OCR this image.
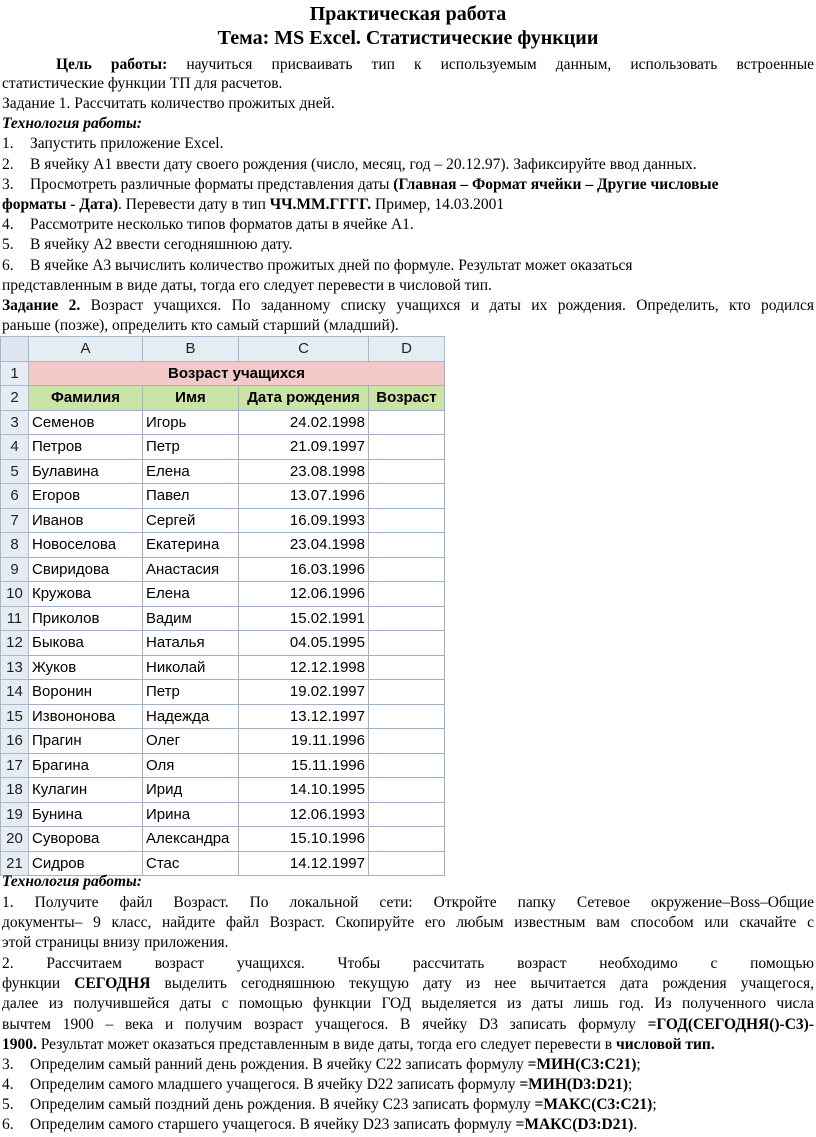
Практическая работа
Тема: MS Excel. Статистические функции
Цель работы: научиться присваивать тип к используемым данным, использовать встроенные
статистические функции ТП для расчетов.
Задание 1. Рассчитать количество прожитых дней.
Технология работы:
1. Запустить приложение Excel.
2. В ячейку А1 ввести дату своего рождения (число, месяц, год – 20.12.97). Зафиксируйте ввод данных.
3. Просмотреть различные форматы представления даты (Главная – Формат ячейки – Другие числовые
форматы - Дата). Перевести дату в тип ЧЧ.ММ.ГГГГ. Пример, 14.03.2001
4. Рассмотрите несколько типов форматов даты в ячейке А1.
5. В ячейку А2 ввести сегодняшнюю дату.
6. В ячейке А3 вычислить количество прожитых дней по формуле. Результат может оказаться
представленным в виде даты, тогда его следует перевести в числовой тип.
Задание 2. Возраст учащихся. По заданному списку учащихся и даты их рождения. Определить, кто родился
раньше (позже), определить кто самый старший (младший).
	A	B	C	D
1	Возраст учащихся			
2	Фамилия	Имя	Дата рождения	Возраст
3	Семенов	Игорь	24.02.1998	
4	Петров	Петр	21.09.1997	
5	Булавина	Елена	23.08.1998	
6	Егоров	Павел	13.07.1996	
7	Иванов	Сергей	16.09.1993	
8	Новоселова	Екатерина	23.04.1998	
9	Свиридова	Анастасия	16.03.1996	
10	Кружова	Елена	12.06.1996	
11	Приколов	Вадим	15.02.1991	
12	Быкова	Наталья	04.05.1995	
13	Жуков	Николай	12.12.1998	
14	Воронин	Петр	19.02.1997	
15	Извононова	Надежда	13.12.1997	
16	Прагин	Олег	19.11.1996	
17	Брагина	Оля	15.11.1996	
18	Кулагин	Ирид	14.10.1995	
19	Бунина	Ирина	12.06.1993	
20	Суворова	Александра	15.10.1996	
21	Сидров	Стас	14.12.1997	
Технология работы:
1. Получите файл Возраст. По локальной сети: Откройте папку Сетевое окружение–Boss–Общие
документы– 9 класс, найдите файл Возраст. Скопируйте его любым известным вам способом или скачайте с
этой страницы внизу приложения.
2. Рассчитаем возраст учащихся. Чтобы рассчитать возраст необходимо с помощью
функции СЕГОДНЯ выделить сегодняшнюю текущую дату из нее вычитается дата рождения учащегося,
далее из получившейся даты с помощью функции ГОД выделяется из даты лишь год. Из полученного числа
вычтем 1900 – века и получим возраст учащегося. В ячейку D3 записать формулу =ГОД(СЕГОДНЯ()-С3)-
1900. Результат может оказаться представленным в виде даты, тогда его следует перевести в числовой тип.
3. Определим самый ранний день рождения. В ячейку С22 записать формулу =МИН(С3:С21);
4. Определим самого младшего учащегося. В ячейку D22 записать формулу =МИН(D3:D21);
5. Определим самый поздний день рождения. В ячейку С23 записать формулу =МАКС(С3:С21);
6. Определим самого старшего учащегося. В ячейку D23 записать формулу =МАКС(D3:D21).
